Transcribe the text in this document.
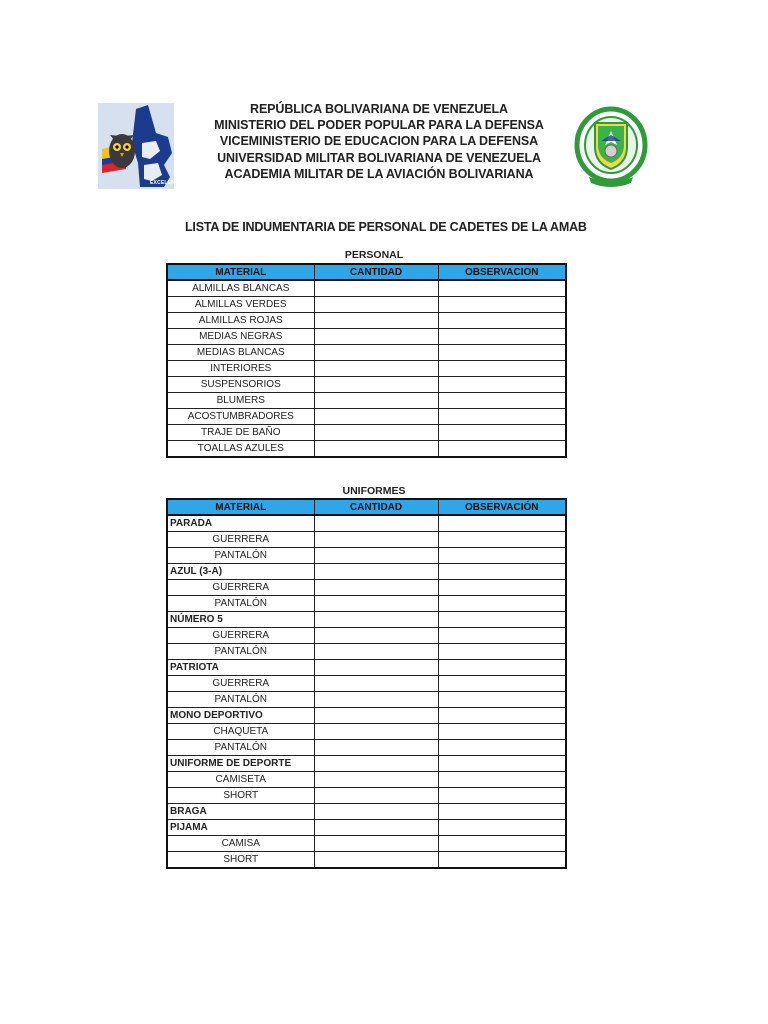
EXCELENCIA
REPÚBLICA BOLIVARIANA DE VENEZUELA
MINISTERIO DEL PODER POPULAR PARA LA DEFENSA
VICEMINISTERIO DE EDUCACION PARA LA DEFENSA
UNIVERSIDAD MILITAR BOLIVARIANA DE VENEZUELA
ACADEMIA MILITAR DE LA AVIACIÓN BOLIVARIANA
LISTA DE INDUMENTARIA DE PERSONAL DE CADETES DE LA AMAB
PERSONAL
MATERIAL	CANTIDAD	OBSERVACION
ALMILLAS BLANCAS		
ALMILLAS VERDES		
ALMILLAS ROJAS		
MEDIAS NEGRAS		
MEDIAS BLANCAS		
INTERIORES		
SUSPENSORIOS		
BLUMERS		
ACOSTUMBRADORES		
TRAJE DE BAÑO		
TOALLAS AZULES		
UNIFORMES
MATERIAL	CANTIDAD	OBSERVACIÓN
PARADA		
GUERRERA		
PANTALÓN		
AZUL (3-A)		
GUERRERA		
PANTALÓN		
NÚMERO 5		
GUERRERA		
PANTALÓN		
PATRIOTA		
GUERRERA		
PANTALÓN		
MONO DEPORTIVO		
CHAQUETA		
PANTALÓN		
UNIFORME DE DEPORTE		
CAMISETA		
SHORT		
BRAGA		
PIJAMA		
CAMISA		
SHORT		
